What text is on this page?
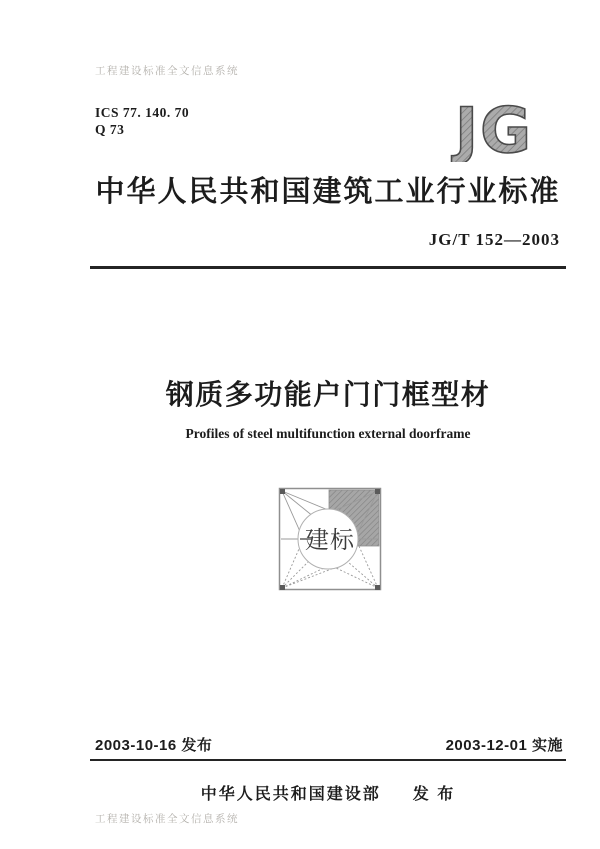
工程建设标准全文信息系统
ICS 77. 140. 70
Q 73	JG
中华人民共和国建筑工业行业标准
JG/T 152—2003
钢质多功能户门门框型材
Profiles of steel multifunction external doorframe
建标
2003-10-16 发布	2003-12-01 实施
中华人民共和国建设部 发 布
工程建设标准全文信息系统
